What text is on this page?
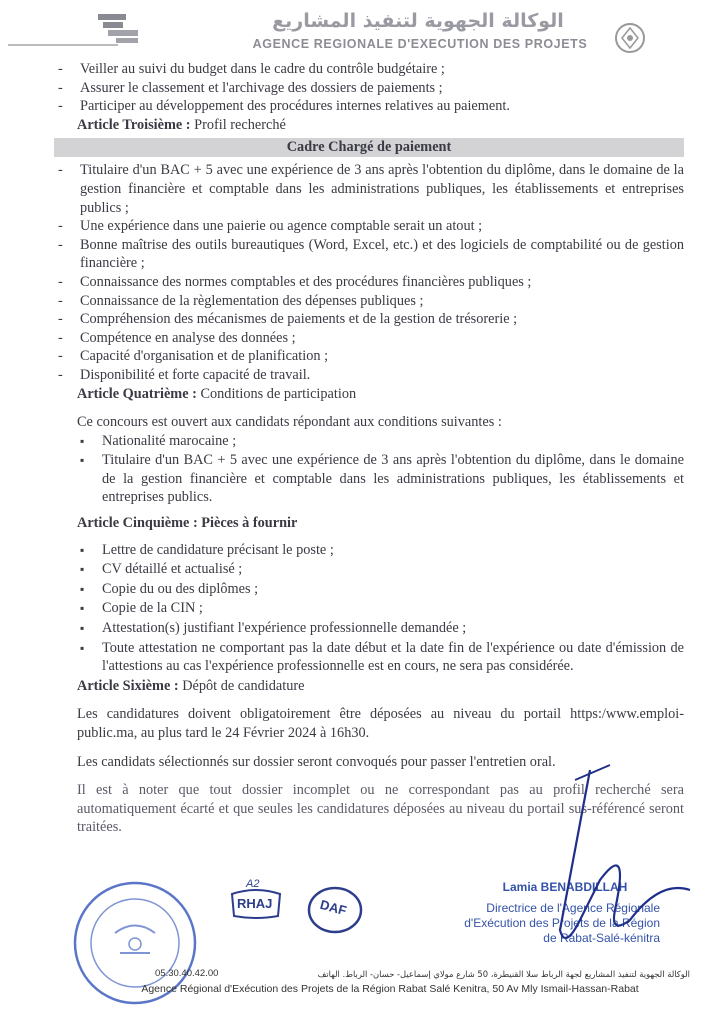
الوكالة الجهوية لتنفيذ المشاريع
AGENCE REGIONALE D'EXECUTION DES PROJETS
- Veiller au suivi du budget dans le cadre du contrôle budgétaire ;
- Assurer le classement et l'archivage des dossiers de paiements ;
- Participer au développement des procédures internes relatives au paiement.
Article Troisième : Profil recherché
Cadre Chargé de paiement
- Titulaire d'un BAC + 5 avec une expérience de 3 ans après l'obtention du diplôme, dans le domaine de la gestion financière et comptable dans les administrations publiques, les établissements et entreprises publics ;
- Une expérience dans une paierie ou agence comptable serait un atout ;
- Bonne maîtrise des outils bureautiques (Word, Excel, etc.) et des logiciels de comptabilité ou de gestion financière ;
- Connaissance des normes comptables et des procédures financières publiques ;
- Connaissance de la règlementation des dépenses publiques ;
- Compréhension des mécanismes de paiements et de la gestion de trésorerie ;
- Compétence en analyse des données ;
- Capacité d'organisation et de planification ;
- Disponibilité et forte capacité de travail.
Article Quatrième : Conditions de participation
Ce concours est ouvert aux candidats répondant aux conditions suivantes :
▪ Nationalité marocaine ;
▪ Titulaire d'un BAC + 5 avec une expérience de 3 ans après l'obtention du diplôme, dans le domaine de la gestion financière et comptable dans les administrations publiques, les établissements et entreprises publics.
Article Cinquième : Pièces à fournir
▪ Lettre de candidature précisant le poste ;
▪ CV détaillé et actualisé ;
▪ Copie du ou des diplômes ;
▪ Copie de la CIN ;
▪ Attestation(s) justifiant l'expérience professionnelle demandée ;
▪ Toute attestation ne comportant pas la date début et la date fin de l'expérience ou date d'émission de l'attestions au cas l'expérience professionnelle est en cours, ne sera pas considérée.
Article Sixième : Dépôt de candidature
Les candidatures doivent obligatoirement être déposées au niveau du portail https:/www.emploi-public.ma, au plus tard le 24 Février 2024 à 16h30.
Les candidats sélectionnés sur dossier seront convoqués pour passer l'entretien oral.
Il est à noter que tout dossier incomplet ou ne correspondant pas au profil recherché sera automatiquement écarté et que seules les candidatures déposées au niveau du portail sus-référencé seront traitées.
A2
RHAJ	DAF
Lamia BENABDILLAH
Directrice de l'Agence Régionale
d'Exécution des Projets de la Région
de Rabat-Salé-kénitra
الوكالة الجهوية لتنفيذ المشاريع لجهة الرباط سلا القنيطرة، 50 شارع مولاي إسماعيل- حسان- الرباط. الهاتف
05.30.40.42.00
Agence Régional d'Exécution des Projets de la Région Rabat Salé Kenitra, 50 Av Mly Ismail-Hassan-Rabat
